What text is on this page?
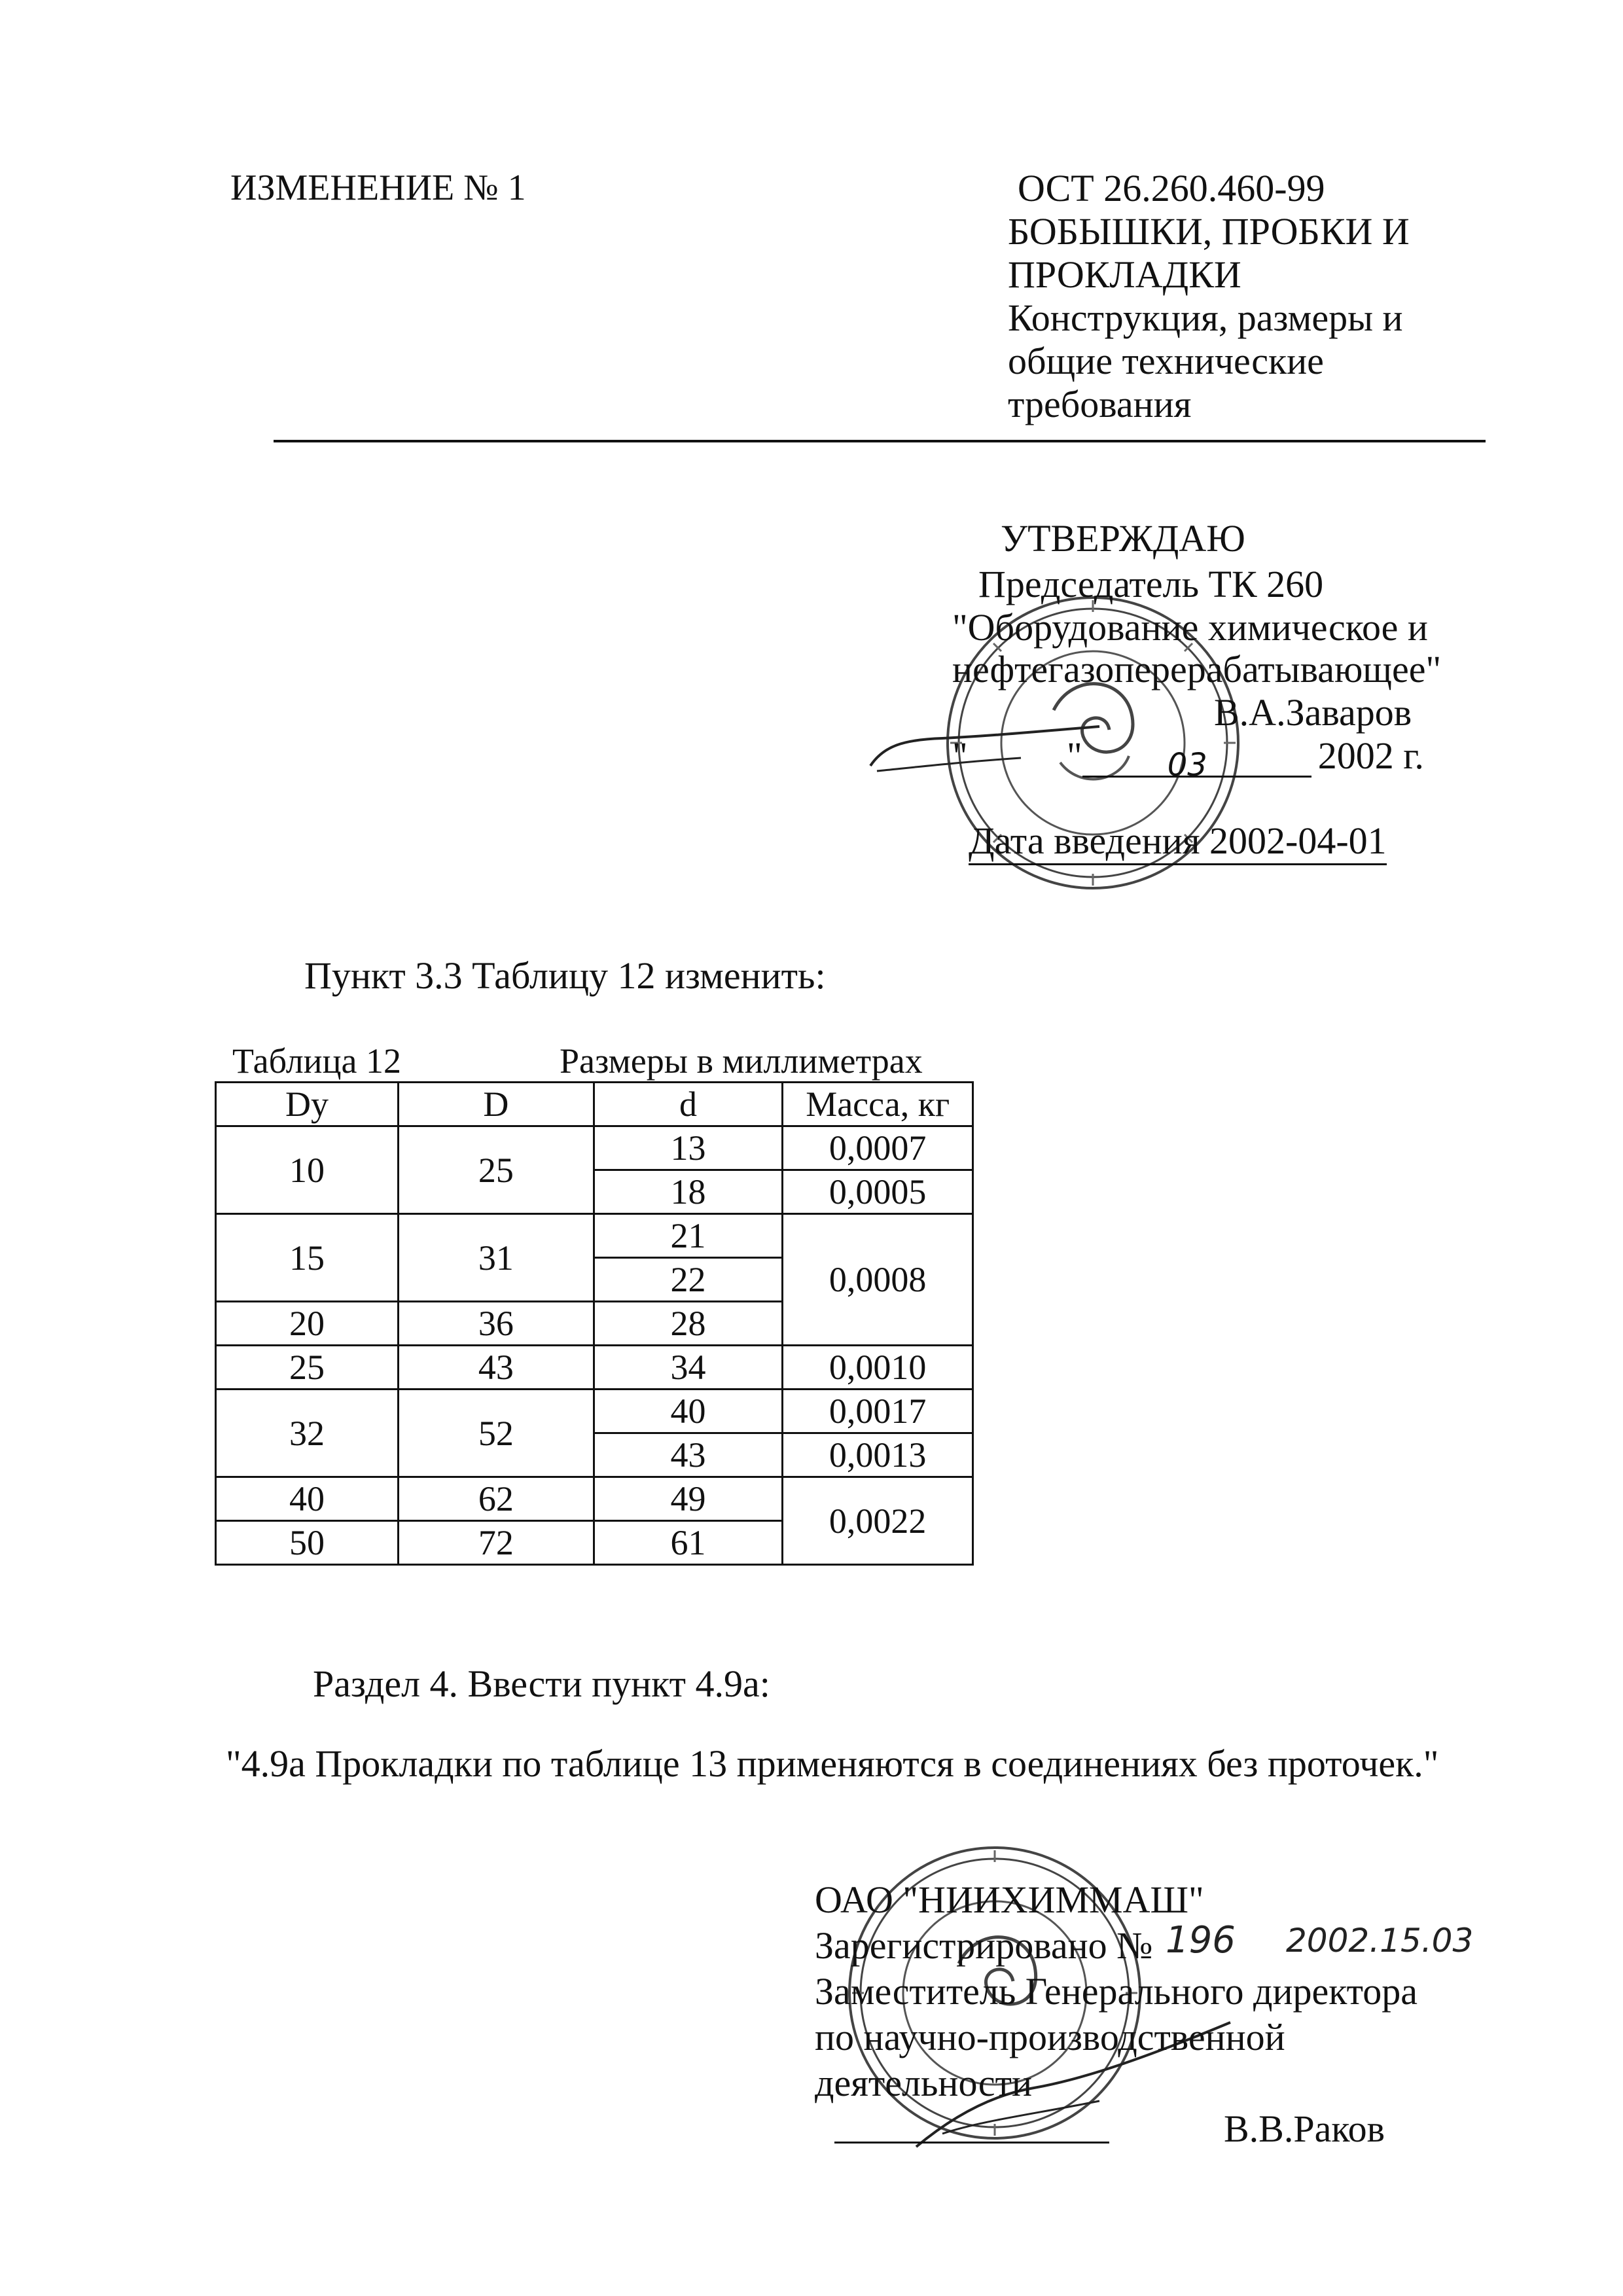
ИЗМЕНЕНИЕ № 1	ОСТ 26.260.460-99
БОБЫШКИ, ПРОБКИ И
ПРОКЛАДКИ
Конструкция, размеры и
общие технические
требования
УТВЕРЖДАЮ
Председатель ТК 260
"Оборудование химическое и
нефтегазоперерабатывающее"
В.А.Заваров
"	"	03	2002 г.
Дата введения 2002-04-01
Пункт 3.3 Таблицу 12 изменить:
Таблица 12	Размеры в миллиметрах
Dy	D	d	Масса, кг
10	25	13	0,0007
		18	0,0005
15	31	21	0,0008
		22	
20	36	28	
25	43	34	0,0010
32	52	40	0,0017
		43	0,0013
40	62	49	0,0022
50	72	61	
Раздел 4. Ввести пункт 4.9а:
"4.9а Прокладки по таблице 13 применяются в соединениях без проточек."
ОАО "НИИХИММАШ"
Зарегистрировано № 196 2002.15.03
Заместитель Генерального директора
по научно-производственной
деятельности
В.В.Раков
